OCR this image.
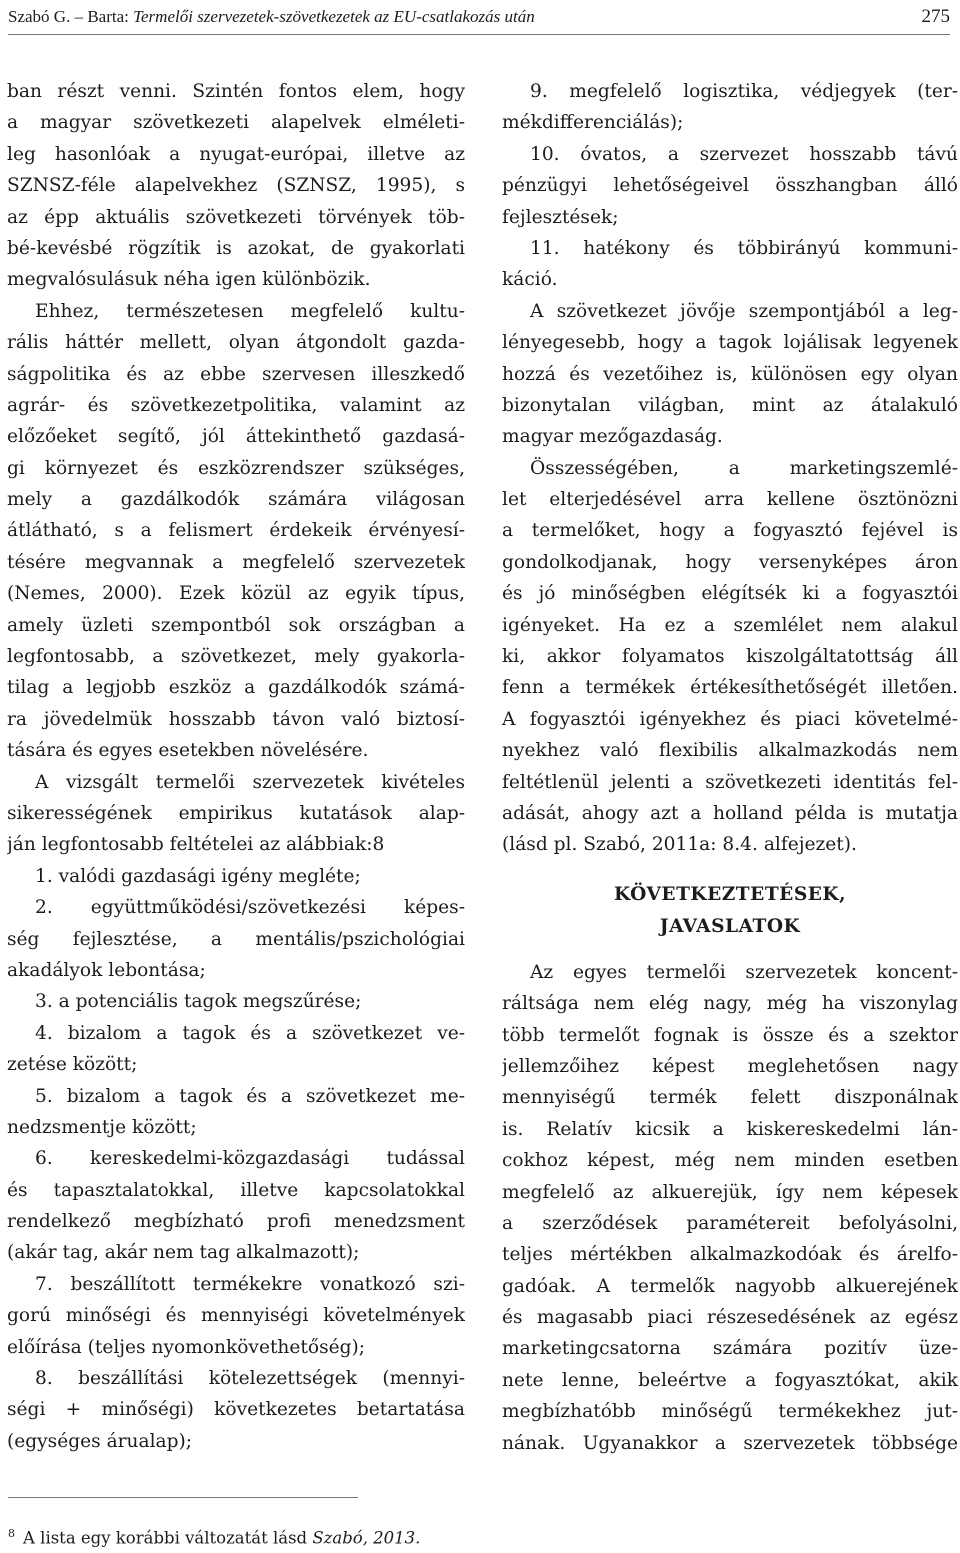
Szabó G. – Barta: Termelői szervezetek-szövetkezetek az EU-csatlakozás után	275
ban részt venni. Szintén fontos elem, hogy
a magyar szövetkezeti alapelvek elméleti-
leg hasonlóak a nyugat-európai, illetve az
SZNSZ-féle alapelvekhez (SZNSZ, 1995), s
az épp aktuális szövetkezeti törvények töb-
bé-kevésbé rögzítik is azokat, de gyakorlati
megvalósulásuk néha igen különbözik.
Ehhez, természetesen megfelelő kultu-
rális háttér mellett, olyan átgondolt gazda-
ságpolitika és az ebbe szervesen illeszkedő
agrár- és szövetkezetpolitika, valamint az
előzőeket segítő, jól áttekinthető gazdasá-
gi környezet és eszközrendszer szükséges,
mely a gazdálkodók számára világosan
átlátható, s a felismert érdekeik érvényesí-
tésére megvannak a megfelelő szervezetek
(Nemes, 2000). Ezek közül az egyik típus,
amely üzleti szempontból sok országban a
legfontosabb, a szövetkezet, mely gyakorla-
tilag a legjobb eszköz a gazdálkodók számá-
ra jövedelmük hosszabb távon való biztosí-
tására és egyes esetekben növelésére.
A vizsgált termelői szervezetek kivételes
sikerességének empirikus kutatások alap-
ján legfontosabb feltételei az alábbiak:8
1. valódi gazdasági igény megléte;
2. együttműködési/szövetkezési képes-
ség fejlesztése, a mentális/pszichológiai
akadályok lebontása;
3. a potenciális tagok megszűrése;
4. bizalom a tagok és a szövetkezet ve-
zetése között;
5. bizalom a tagok és a szövetkezet me-
nedzsmentje között;
6. kereskedelmi-közgazdasági tudással
és tapasztalatokkal, illetve kapcsolatokkal
rendelkező megbízható profi menedzsment
(akár tag, akár nem tag alkalmazott);
7. beszállított termékekre vonatkozó szi-
gorú minőségi és mennyiségi követelmények
előírása (teljes nyomonkövethetőség);
8. beszállítási kötelezettségek (mennyi-
ségi + minőségi) következetes betartatása
(egységes árualap);
9. megfelelő logisztika, védjegyek (ter-
mékdifferenciálás);
10. óvatos, a szervezet hosszabb távú
pénzügyi lehetőségeivel összhangban álló
fejlesztések;
11. hatékony és többirányú kommuni-
káció.
A szövetkezet jövője szempontjából a leg-
lényegesebb, hogy a tagok lojálisak legyenek
hozzá és vezetőihez is, különösen egy olyan
bizonytalan világban, mint az átalakuló
magyar mezőgazdaság.
Összességében, a marketingszemlé-
let elterjedésével arra kellene ösztönözni
a termelőket, hogy a fogyasztó fejével is
gondolkodjanak, hogy versenyképes áron
és jó minőségben elégítsék ki a fogyasztói
igényeket. Ha ez a szemlélet nem alakul
ki, akkor folyamatos kiszolgáltatottság áll
fenn a termékek értékesíthetőségét illetően.
A fogyasztói igényekhez és piaci követelmé-
nyekhez való flexibilis alkalmazkodás nem
feltétlenül jelenti a szövetkezeti identitás fel-
adását, ahogy azt a holland példa is mutatja
(lásd pl. Szabó, 2011a: 8.4. alfejezet).
KÖVETKEZTETÉSEK,
JAVASLATOK
Az egyes termelői szervezetek koncent-
ráltsága nem elég nagy, még ha viszonylag
több termelőt fognak is össze és a szektor
jellemzőihez képest meglehetősen nagy
mennyiségű termék felett diszponálnak
is. Relatív kicsik a kiskereskedelmi lán-
cokhoz képest, még nem minden esetben
megfelelő az alkuerejük, így nem képesek
a szerződések paramétereit befolyásolni,
teljes mértékben alkalmazkodóak és árelfo-
gadóak. A termelők nagyobb alkuerejének
és magasabb piaci részesedésének az egész
marketingcsatorna számára pozitív üze-
nete lenne, beleértve a fogyasztókat, akik
megbízhatóbb minőségű termékekhez jut-
nának. Ugyanakkor a szervezetek többsége
$^8$ A lista egy korábbi változatát lásd Szabó, 2013.
